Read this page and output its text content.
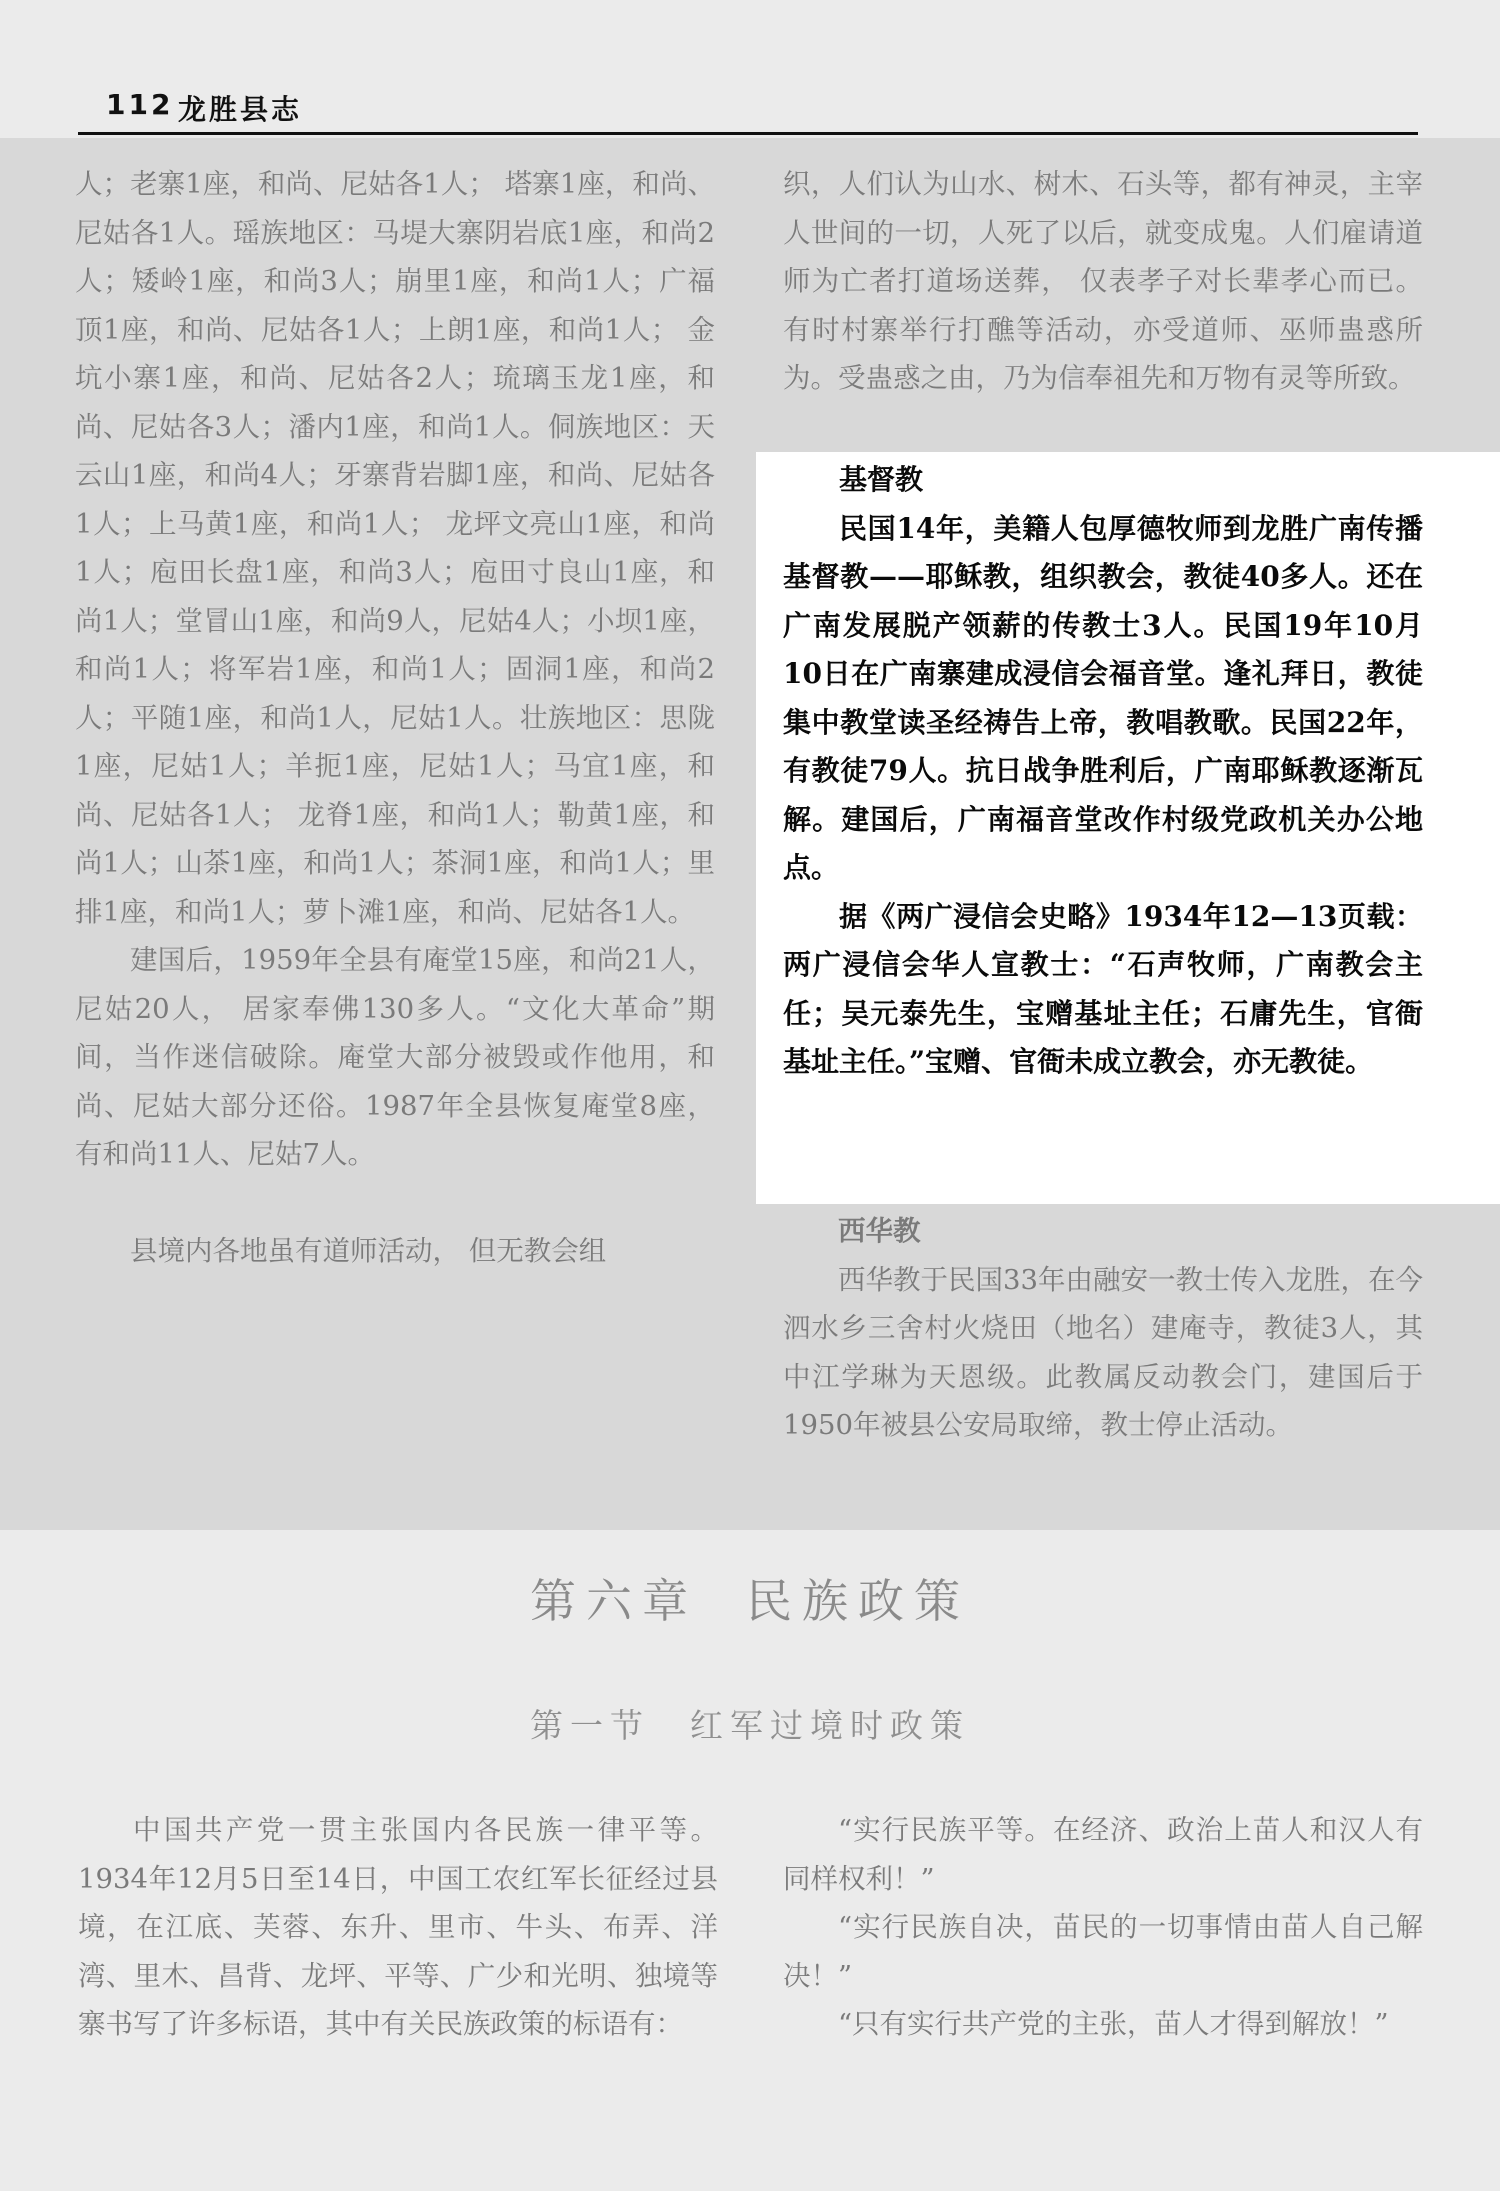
112 龙胜县志

人；老寨1座，和尚、尼姑各1人； 塔寨1座，和尚、尼姑各1人。瑶族地区：马堤大寨阴岩底1座，和尚2人；矮岭1座，和尚3人；崩里1座，和尚1人；广福顶1座，和尚、尼姑各1人；上朗1座，和尚1人； 金坑小寨1座，和尚、尼姑各2人；琉璃玉龙1座，和尚、尼姑各3人；潘内1座，和尚1人。侗族地区：天云山1座，和尚4人；牙寨背岩脚1座，和尚、尼姑各1人；上马黄1座，和尚1人； 龙坪文亮山1座，和尚1人；庖田长盘1座，和尚3人；庖田寸良山1座，和尚1人；堂冒山1座，和尚9人，尼姑4人；小坝1座，和尚1人；将军岩1座，和尚1人；固洞1座，和尚2人；平随1座，和尚1人，尼姑1人。壮族地区：思陇1座，尼姑1人；羊扼1座，尼姑1人；马宜1座，和尚、尼姑各1人； 龙脊1座，和尚1人；勒黄1座，和尚1人；山茶1座，和尚1人；茶洞1座，和尚1人；里排1座，和尚1人；萝卜滩1座，和尚、尼姑各1人。

建国后，1959年全县有庵堂15座，和尚21人，尼姑20人， 居家奉佛130多人。“文化大革命”期间，当作迷信破除。庵堂大部分被毁或作他用，和尚、尼姑大部分还俗。1987年全县恢复庵堂8座， 有和尚11人、尼姑7人。

县境内各地虽有道师活动， 但无教会组

织，人们认为山水、树木、石头等，都有神灵，主宰人世间的一切，人死了以后，就变成鬼。人们雇请道师为亡者打道场送葬， 仅表孝子对长辈孝心而已。有时村寨举行打醮等活动，亦受道师、巫师蛊惑所为。受蛊惑之由，乃为信奉祖先和万物有灵等所致。

基督教

民国14年，美籍人包厚德牧师到龙胜广南传播基督教——耶稣教，组织教会，教徒40多人。还在广南发展脱产领薪的传教士3人。民国19年10月10日在广南寨建成浸信会福音堂。逢礼拜日，教徒集中教堂读圣经祷告上帝，教唱教歌。民国22年，有教徒79人。抗日战争胜利后，广南耶稣教逐渐瓦解。建国后，广南福音堂改作村级党政机关办公地点。

据《两广浸信会史略》1934年12—13页载：两广浸信会华人宣教士：“石声牧师，广南教会主任；吴元泰先生，宝赠基址主任；石庸先生，官衙基址主任。”宝赠、官衙未成立教会，亦无教徒。

西华教

西华教于民国33年由融安一教士传入龙胜，在今泗水乡三舍村火烧田（地名）建庵寺，教徒3人，其中江学琳为天恩级。此教属反动教会门，建国后于1950年被县公安局取缔，教士停止活动。

第六章 民族政策
第一节 红军过境时政策

中国共产党一贯主张国内各民族一律平等。1934年12月5日至14日，中国工农红军长征经过县境，在江底、芙蓉、东升、里市、牛头、布弄、洋湾、里木、昌背、龙坪、平等、广少和光明、独境等寨书写了许多标语，其中有关民族政策的标语有：

“实行民族平等。在经济、政治上苗人和汉人有同样权利！”

“实行民族自决，苗民的一切事情由苗人自己解决！”

“只有实行共产党的主张，苗人才得到解放！”
